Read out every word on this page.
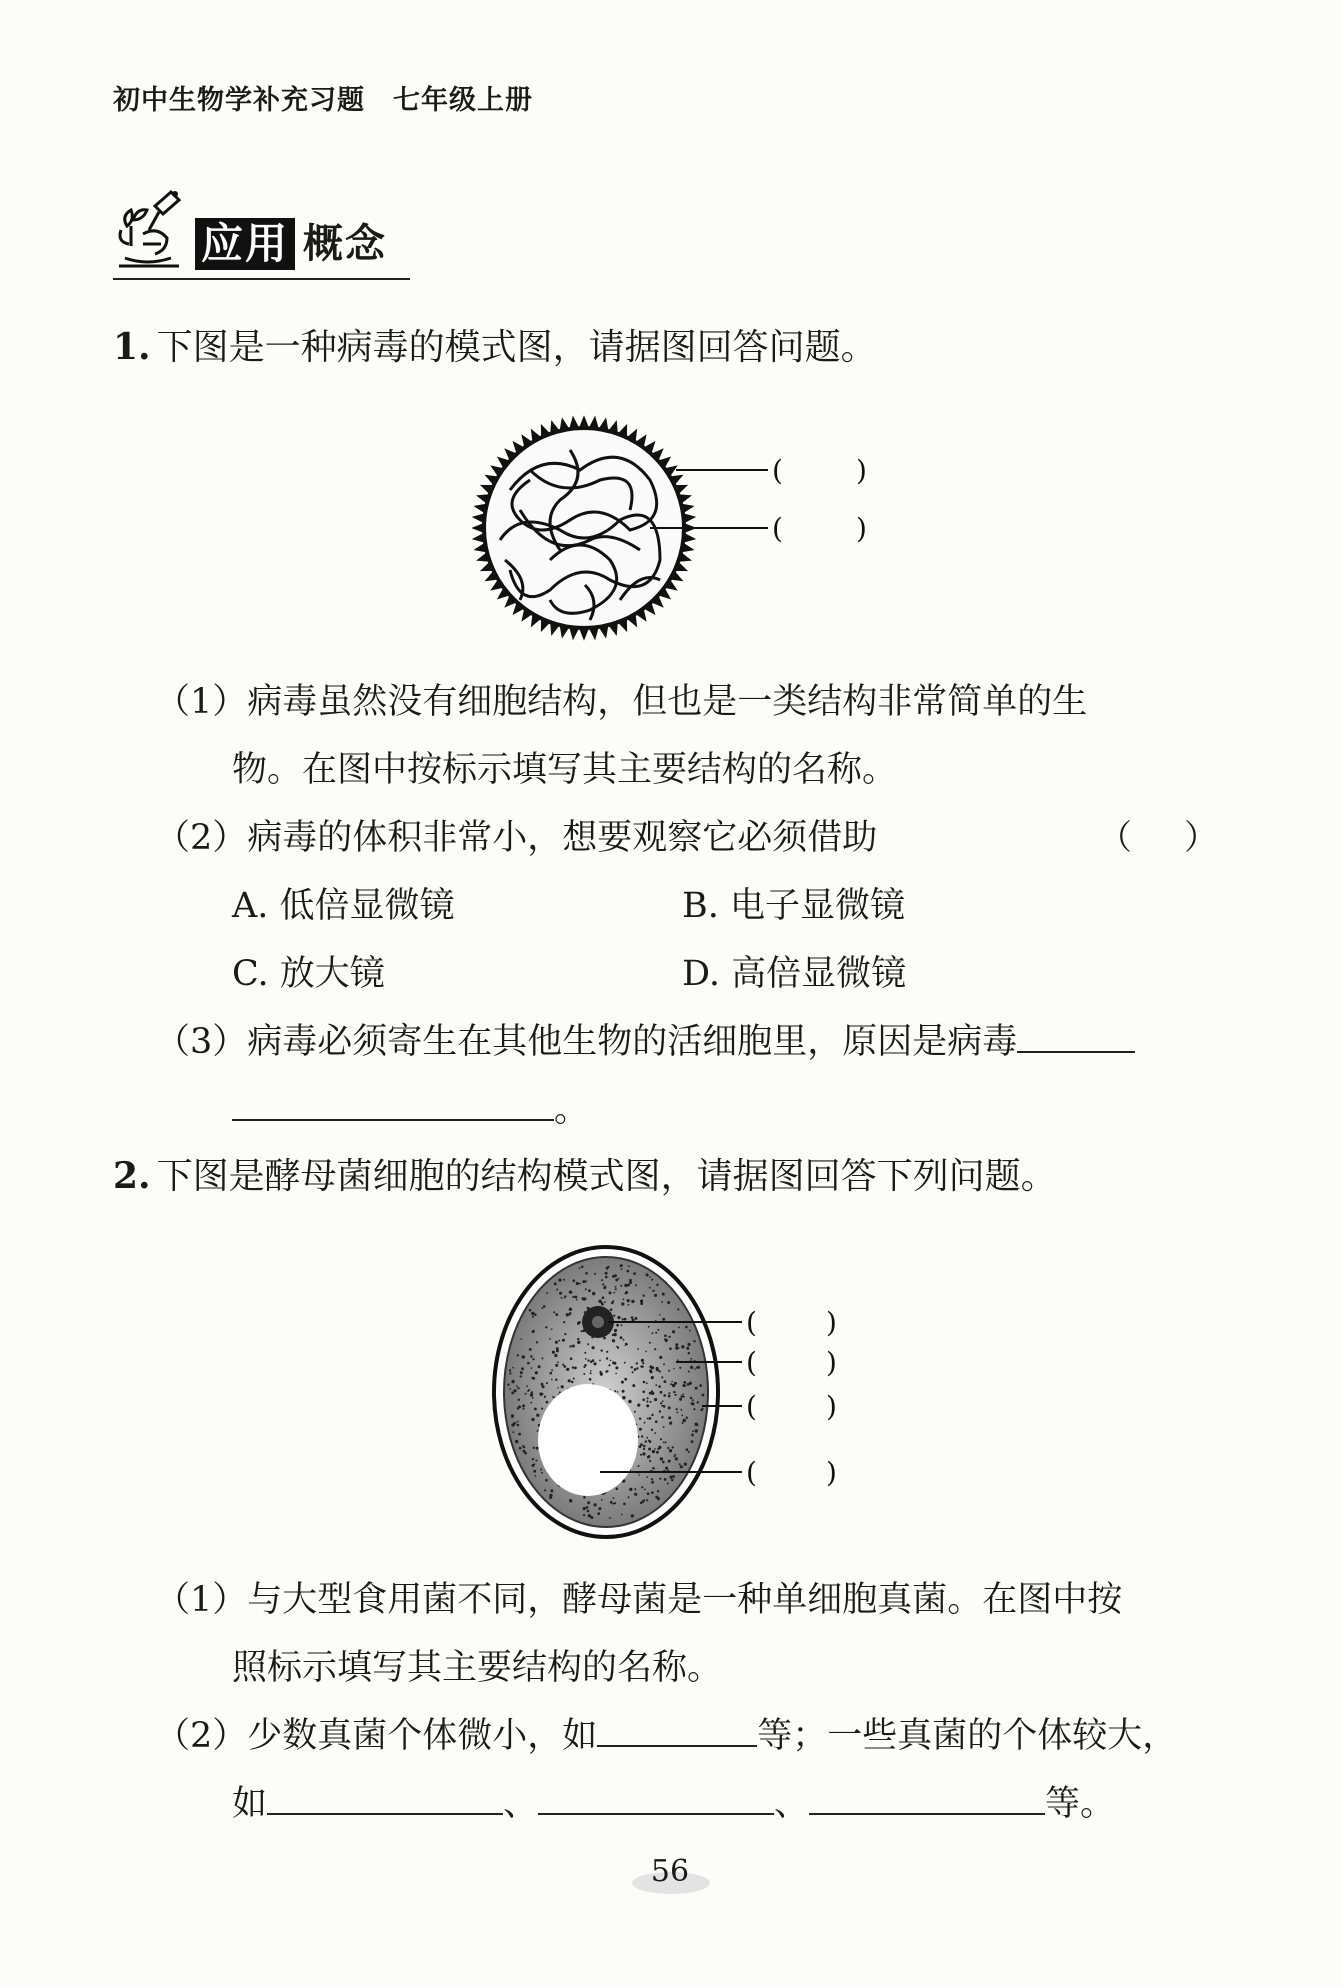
初中生物学补充习题 七年级上册
应用 概念
1. 下图是一种病毒的模式图，请据图回答问题。
(	)
(	)
（1）病毒虽然没有细胞结构，但也是一类结构非常简单的生
物。在图中按标示填写其主要结构的名称。
（2）病毒的体积非常小，想要观察它必须借助	（ ）
A. 低倍显微镜	B. 电子显微镜
C. 放大镜	D. 高倍显微镜
（3）病毒必须寄生在其他生物的活细胞里，原因是病毒
。
2. 下图是酵母菌细胞的结构模式图，请据图回答下列问题。
( )
( )
( )
( )
（1）与大型食用菌不同，酵母菌是一种单细胞真菌。在图中按
照标示填写其主要结构的名称。
（2）少数真菌个体微小，如	等；一些真菌的个体较大，
如	、	、	等。
56
